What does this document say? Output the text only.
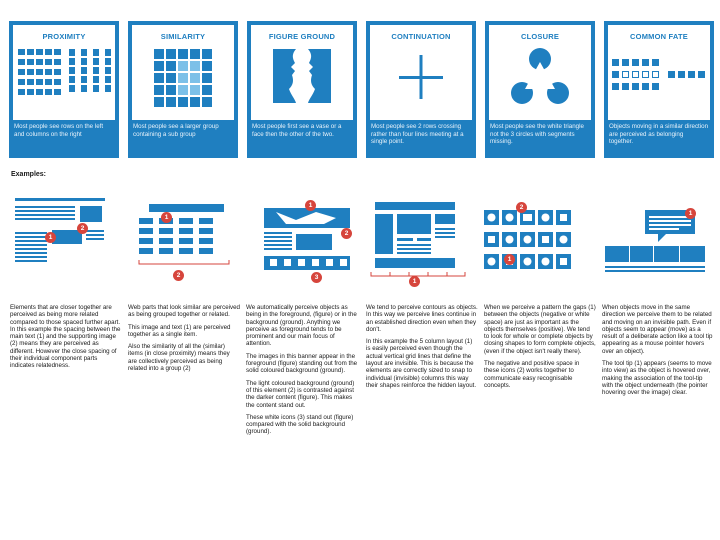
PROXIMITY
Most people see rows on the left and columns on the right
SIMILARITY
Most people see a larger group containing a sub group
FIGURE GROUND
Most people first see a vase or a face then the other of the two.
CONTINUATION
Most people see 2 rows crossing rather than four lines meeting at a single point.
CLOSURE
Most people see the white triangle not the 3 circles with segments missing.
COMMON FATE
Objects moving in a similar direction are perceived as belonging together.
Examples:
1
2
1
2
1
2
3
1
2
1
1

Elements that are closer together are perceived as being more related compared to those spaced further apart. In this example the spacing between the main text (1) and the supporting image (2) means they are perceived as different. However the close spacing of their individual component parts indicates relatedness.

Web parts that look similar are perceived as being grouped together or related.

This image and text (1) are perceived together as a single item.

Also the similarity of all the (similar) items (in close proximity) means they are collectively perceived as being related into a group (2)

We automatically perceive objects as being in the foreground, (figure) or in the background (ground). Anything we perceive as foreground tends to be prominent and our main focus of attention.

The images in this banner appear in the foreground (figure) standing out from the solid coloured background (ground).

The light coloured background (ground) of this element (2) is contrasted against the darker content (figure). This makes the content stand out.

These white icons (3) stand out (figure) compared with the solid background (ground).

We tend to perceive contours as objects. In this way we perceive lines continue in an established direction even when they don't.

In this example the 5 column layout (1) is easily perceived even though the actual vertical grid lines that define the layout are invisible. This is because the elements are correctly sized to snap to individual (invisible) columns this way their shapes reinforce the hidden layout.

When we perceive a pattern the gaps (1) between the objects (negative or white space) are just as important as the objects themselves (positive). We tend to look for whole or complete objects by closing shapes to form complete objects, (even if the object isn't really there).

The negative and positive space in these icons (2) works together to communicate easy recognisable concepts.

When objects move in the same direction we perceive them to be related and moving on an invisible path. Even if objects seem to appear (move) as a result of a deliberate action like a tool tip appearing as a mouse pointer hovers over an object).

The tool tip (1) appears (seems to move into view) as the object is hovered over, making the association of the tool-tip with the object underneath (the pointer hovering over the image) clear.
